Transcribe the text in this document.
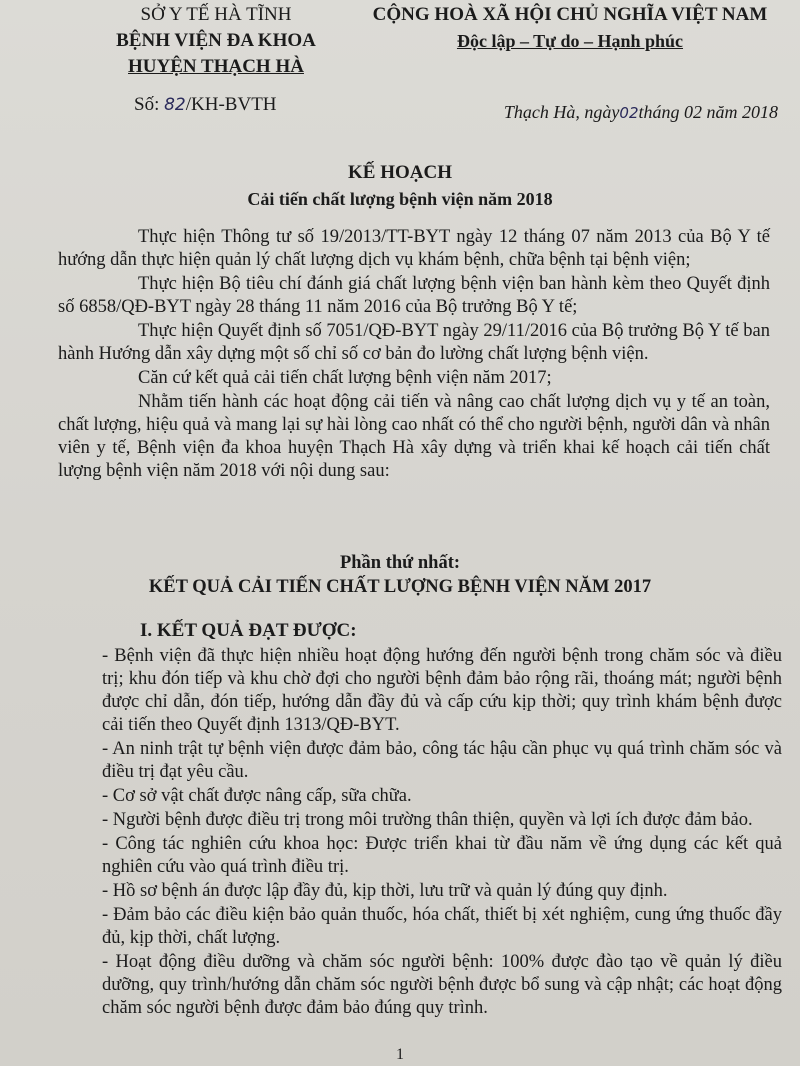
SỞ Y TẾ HÀ TĨNH
BỆNH VIỆN ĐA KHOA
HUYỆN THẠCH HÀ
CỘNG HOÀ XÃ HỘI CHỦ NGHĨA VIỆT NAM
Độc lập – Tự do – Hạnh phúc
Số: 82/KH-BVTH	Thạch Hà, ngày02tháng 02 năm 2018
KẾ HOẠCH
Cải tiến chất lượng bệnh viện năm 2018

Thực hiện Thông tư số 19/2013/TT-BYT ngày 12 tháng 07 năm 2013 của Bộ Y tế hướng dẫn thực hiện quản lý chất lượng dịch vụ khám bệnh, chữa bệnh tại bệnh viện;

Thực hiện Bộ tiêu chí đánh giá chất lượng bệnh viện ban hành kèm theo Quyết định số 6858/QĐ-BYT ngày 28 tháng 11 năm 2016 của Bộ trưởng Bộ Y tế;

Thực hiện Quyết định số 7051/QĐ-BYT ngày 29/11/2016 của Bộ trưởng Bộ Y tế ban hành Hướng dẫn xây dựng một số chỉ số cơ bản đo lường chất lượng bệnh viện.

Căn cứ kết quả cải tiến chất lượng bệnh viện năm 2017;

Nhằm tiến hành các hoạt động cải tiến và nâng cao chất lượng dịch vụ y tế an toàn, chất lượng, hiệu quả và mang lại sự hài lòng cao nhất có thể cho người bệnh, người dân và nhân viên y tế, Bệnh viện đa khoa huyện Thạch Hà xây dựng và triển khai kế hoạch cải tiến chất lượng bệnh viện năm 2018 với nội dung sau:

Phần thứ nhất:
KẾT QUẢ CẢI TIẾN CHẤT LƯỢNG BỆNH VIỆN NĂM 2017
I. KẾT QUẢ ĐẠT ĐƯỢC:

- Bệnh viện đã thực hiện nhiều hoạt động hướng đến người bệnh trong chăm sóc và điều trị; khu đón tiếp và khu chờ đợi cho người bệnh đảm bảo rộng rãi, thoáng mát; người bệnh được chỉ dẫn, đón tiếp, hướng dẫn đầy đủ và cấp cứu kịp thời; quy trình khám bệnh được cải tiến theo Quyết định 1313/QĐ-BYT.

- An ninh trật tự bệnh viện được đảm bảo, công tác hậu cần phục vụ quá trình chăm sóc và điều trị đạt yêu cầu.

- Cơ sở vật chất được nâng cấp, sữa chữa.

- Người bệnh được điều trị trong môi trường thân thiện, quyền và lợi ích được đảm bảo.

- Công tác nghiên cứu khoa học: Được triển khai từ đầu năm về ứng dụng các kết quả nghiên cứu vào quá trình điều trị.

- Hồ sơ bệnh án được lập đầy đủ, kịp thời, lưu trữ và quản lý đúng quy định.

- Đảm bảo các điều kiện bảo quản thuốc, hóa chất, thiết bị xét nghiệm, cung ứng thuốc đầy đủ, kịp thời, chất lượng.

- Hoạt động điều dưỡng và chăm sóc người bệnh: 100% được đào tạo về quản lý điều dưỡng, quy trình/hướng dẫn chăm sóc người bệnh được bổ sung và cập nhật; các hoạt động chăm sóc người bệnh được đảm bảo đúng quy trình.

1
